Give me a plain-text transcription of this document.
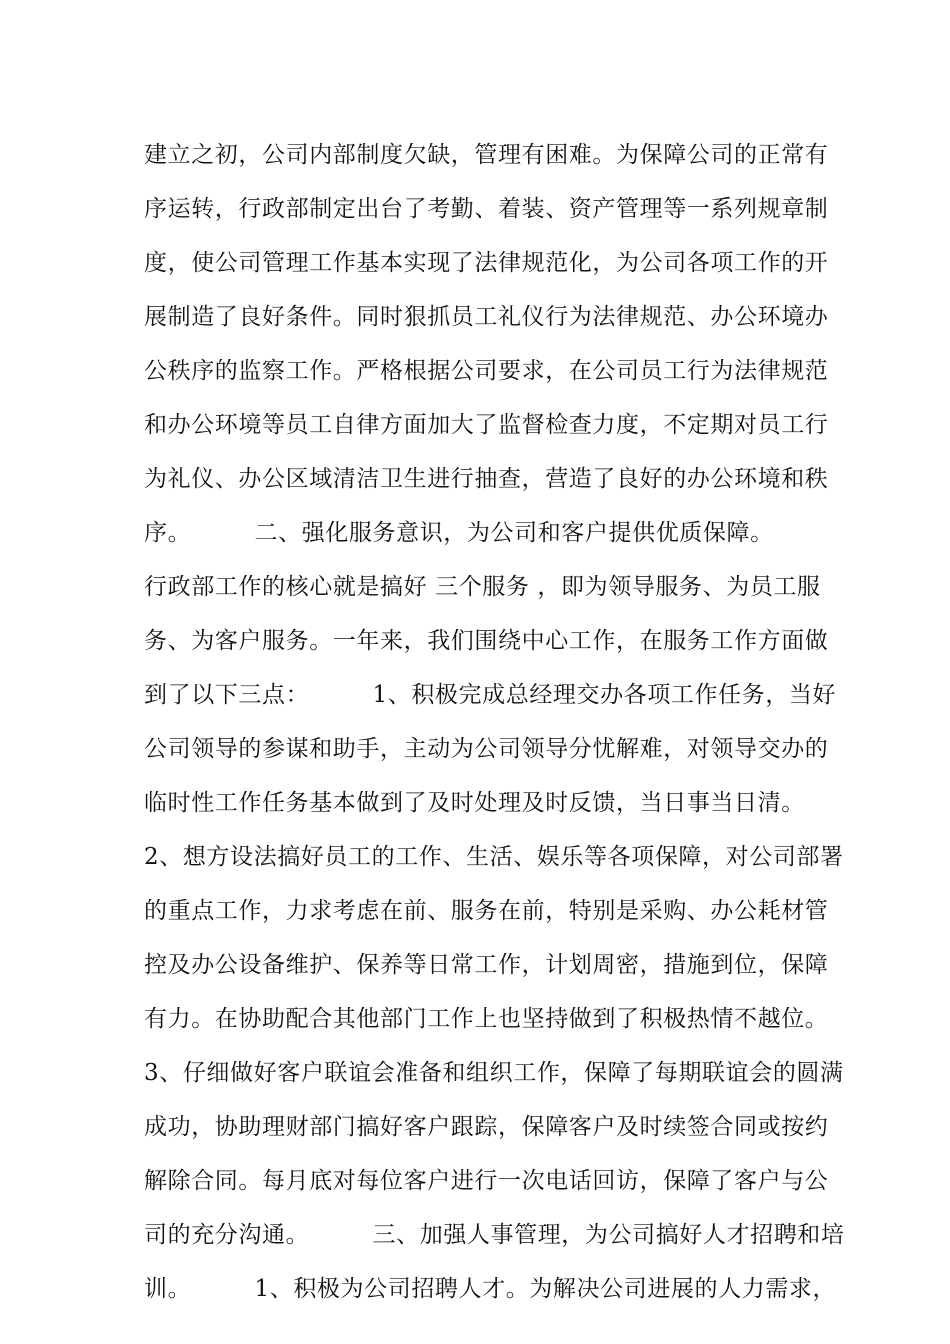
建立之初，公司内部制度欠缺，管理有困难。为保障公司的正常有
序运转，行政部制定出台了考勤、着装、资产管理等一系列规章制
度，使公司管理工作基本实现了法律规范化，为公司各项工作的开
展制造了良好条件。同时狠抓员工礼仪行为法律规范、办公环境办
公秩序的监察工作。严格根据公司要求，在公司员工行为法律规范
和办公环境等员工自律方面加大了监督检查力度，不定期对员工行
为礼仪、办公区域清洁卫生进行抽查，营造了良好的办公环境和秩
序。        二、强化服务意识，为公司和客户提供优质保障。
行政部工作的核心就是搞好 三个服务 ，即为领导服务、为员工服
务、为客户服务。一年来，我们围绕中心工作，在服务工作方面做
到了以下三点：        1、积极完成总经理交办各项工作任务，当好
公司领导的参谋和助手，主动为公司领导分忧解难，对领导交办的
临时性工作任务基本做到了及时处理及时反馈，当日事当日清。
2、想方设法搞好员工的工作、生活、娱乐等各项保障，对公司部署
的重点工作，力求考虑在前、服务在前，特别是采购、办公耗材管
控及办公设备维护、保养等日常工作，计划周密，措施到位，保障
有力。在协助配合其他部门工作上也坚持做到了积极热情不越位。
3、仔细做好客户联谊会准备和组织工作，保障了每期联谊会的圆满
成功，协助理财部门搞好客户跟踪，保障客户及时续签合同或按约
解除合同。每月底对每位客户进行一次电话回访，保障了客户与公
司的充分沟通。        三、加强人事管理，为公司搞好人才招聘和培
训。        1、积极为公司招聘人才。为解决公司进展的人力需求，
